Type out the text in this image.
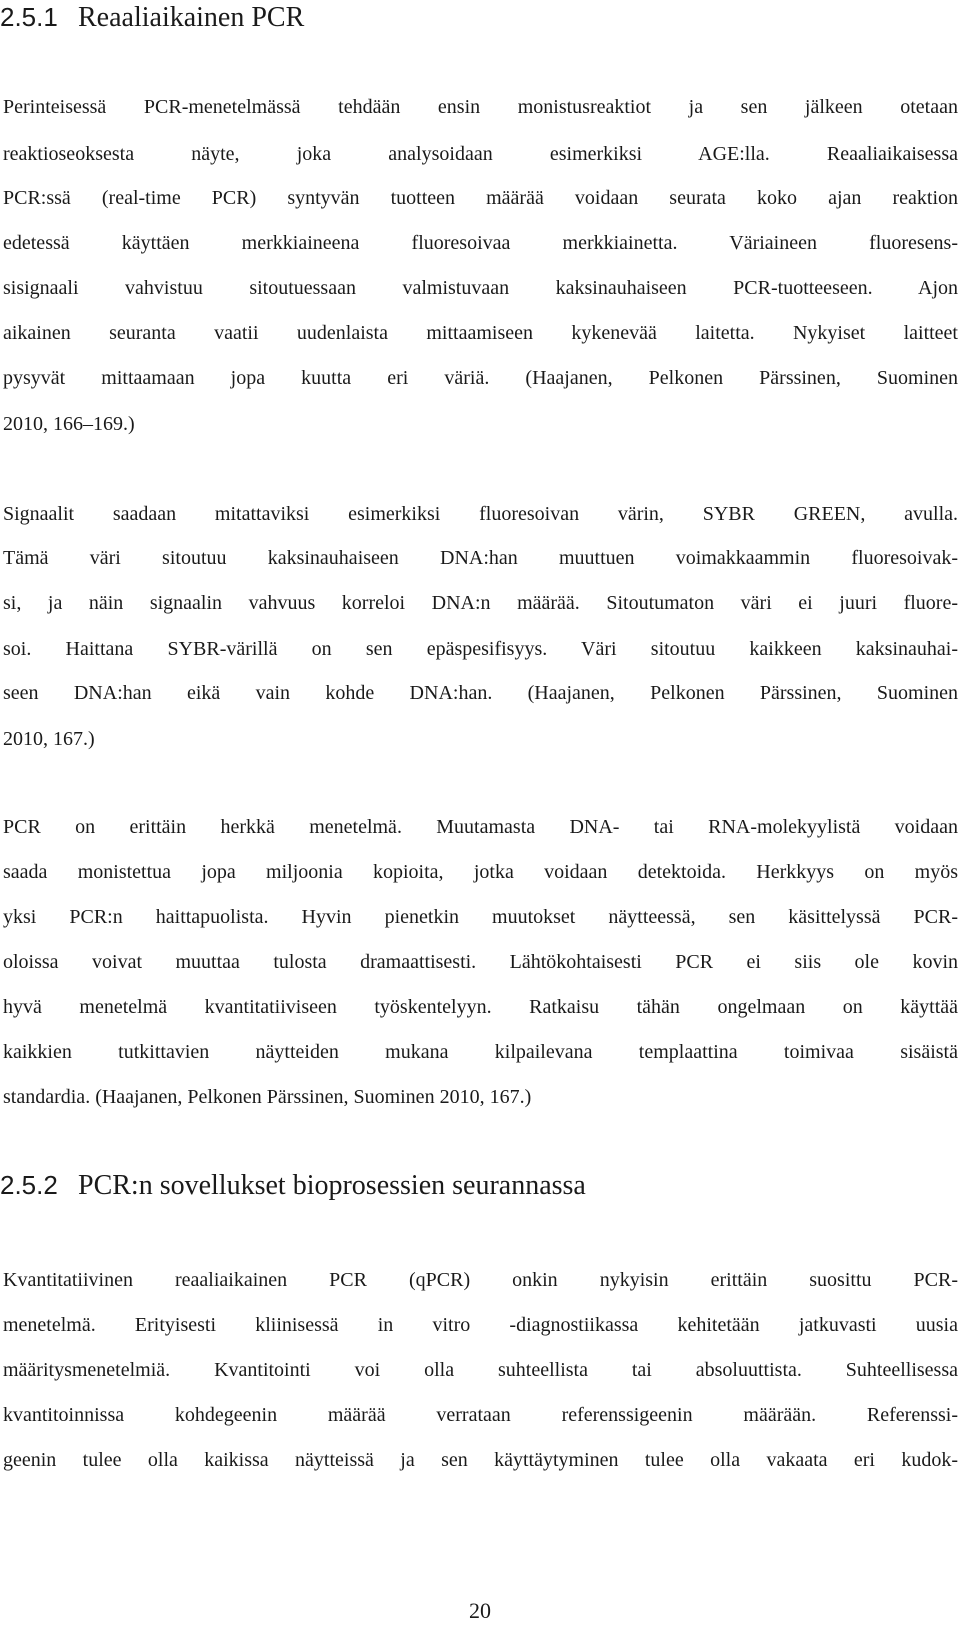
2.5.1 Reaaliaikainen PCR
Perinteisessä PCR-menetelmässä tehdään ensin monistusreaktiot ja sen jälkeen otetaan
reaktioseoksesta näyte, joka analysoidaan esimerkiksi AGE:lla. Reaaliaikaisessa
PCR:ssä (real-time PCR) syntyvän tuotteen määrää voidaan seurata koko ajan reaktion
edetessä käyttäen merkkiaineena fluoresoivaa merkkiainetta. Väriaineen fluoresens-
sisignaali vahvistuu sitoutuessaan valmistuvaan kaksinauhaiseen PCR-tuotteeseen. Ajon
aikainen seuranta vaatii uudenlaista mittaamiseen kykenevää laitetta. Nykyiset laitteet
pysyvät mittaamaan jopa kuutta eri väriä. (Haajanen, Pelkonen Pärssinen, Suominen
2010, 166–169.)
Signaalit saadaan mitattaviksi esimerkiksi fluoresoivan värin, SYBR GREEN, avulla.
Tämä väri sitoutuu kaksinauhaiseen DNA:han muuttuen voimakkaammin fluoresoivak-
si, ja näin signaalin vahvuus korreloi DNA:n määrää. Sitoutumaton väri ei juuri fluore-
soi. Haittana SYBR-värillä on sen epäspesifisyys. Väri sitoutuu kaikkeen kaksinauhai-
seen DNA:han eikä vain kohde DNA:han. (Haajanen, Pelkonen Pärssinen, Suominen
2010, 167.)
PCR on erittäin herkkä menetelmä. Muutamasta DNA- tai RNA-molekyylistä voidaan
saada monistettua jopa miljoonia kopioita, jotka voidaan detektoida. Herkkyys on myös
yksi PCR:n haittapuolista. Hyvin pienetkin muutokset näytteessä, sen käsittelyssä PCR-
oloissa voivat muuttaa tulosta dramaattisesti. Lähtökohtaisesti PCR ei siis ole kovin
hyvä menetelmä kvantitatiiviseen työskentelyyn. Ratkaisu tähän ongelmaan on käyttää
kaikkien tutkittavien näytteiden mukana kilpailevana templaattina toimivaa sisäistä
standardia. (Haajanen, Pelkonen Pärssinen, Suominen 2010, 167.)
2.5.2 PCR:n sovellukset bioprosessien seurannassa
Kvantitatiivinen reaaliaikainen PCR (qPCR) onkin nykyisin erittäin suosittu PCR-
menetelmä. Erityisesti kliinisessä in vitro -diagnostiikassa kehitetään jatkuvasti uusia
määritysmenetelmiä. Kvantitointi voi olla suhteellista tai absoluuttista. Suhteellisessa
kvantitoinnissa kohdegeenin määrää verrataan referenssigeenin määrään. Referenssi-
geenin tulee olla kaikissa näytteissä ja sen käyttäytyminen tulee olla vakaata eri kudok-
20
